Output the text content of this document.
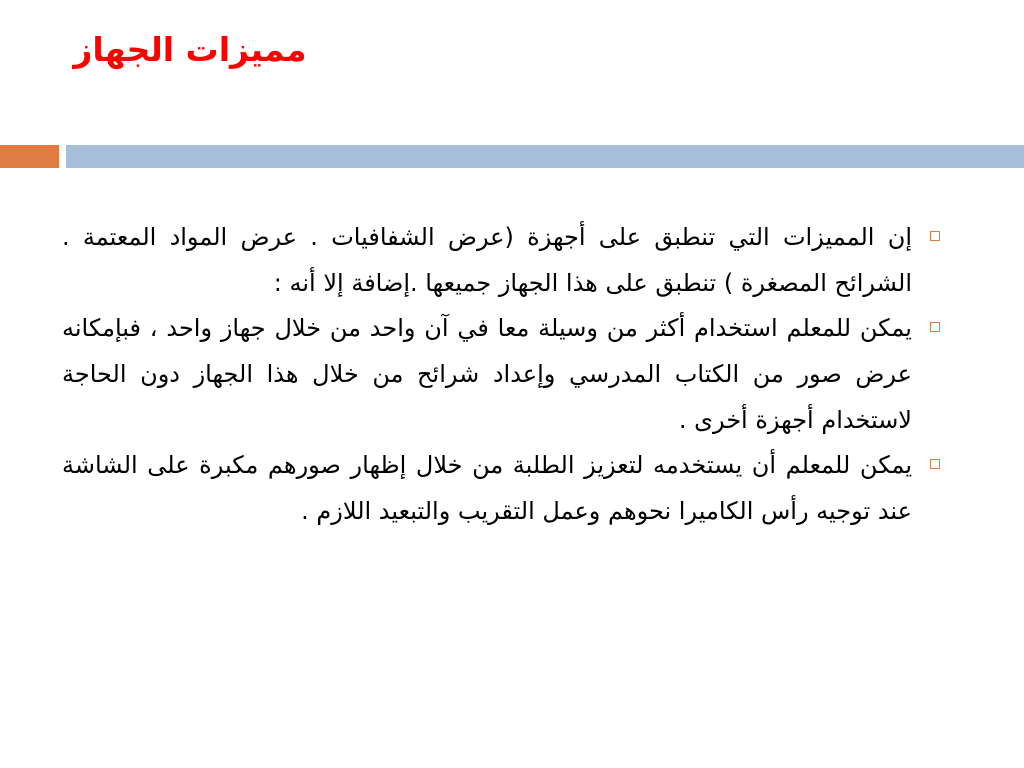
مميزات الجهاز
إن المميزات التي تنطبق على أجهزة (عرض الشفافيات . عرض المواد المعتمة . الشرائح المصغرة ) تنطبق على هذا الجهاز جميعها .إضافة إلا أنه :
يمكن للمعلم استخدام أكثر من وسيلة معا في آن واحد من خلال جهاز واحد ، فبإمكانه عرض صور من الكتاب المدرسي وإعداد شرائح من خلال هذا الجهاز دون الحاجة لاستخدام أجهزة أخرى .
يمكن للمعلم أن يستخدمه لتعزيز الطلبة من خلال إظهار صورهم مكبرة على الشاشة عند توجيه رأس الكاميرا نحوهم وعمل التقريب والتبعيد اللازم .
